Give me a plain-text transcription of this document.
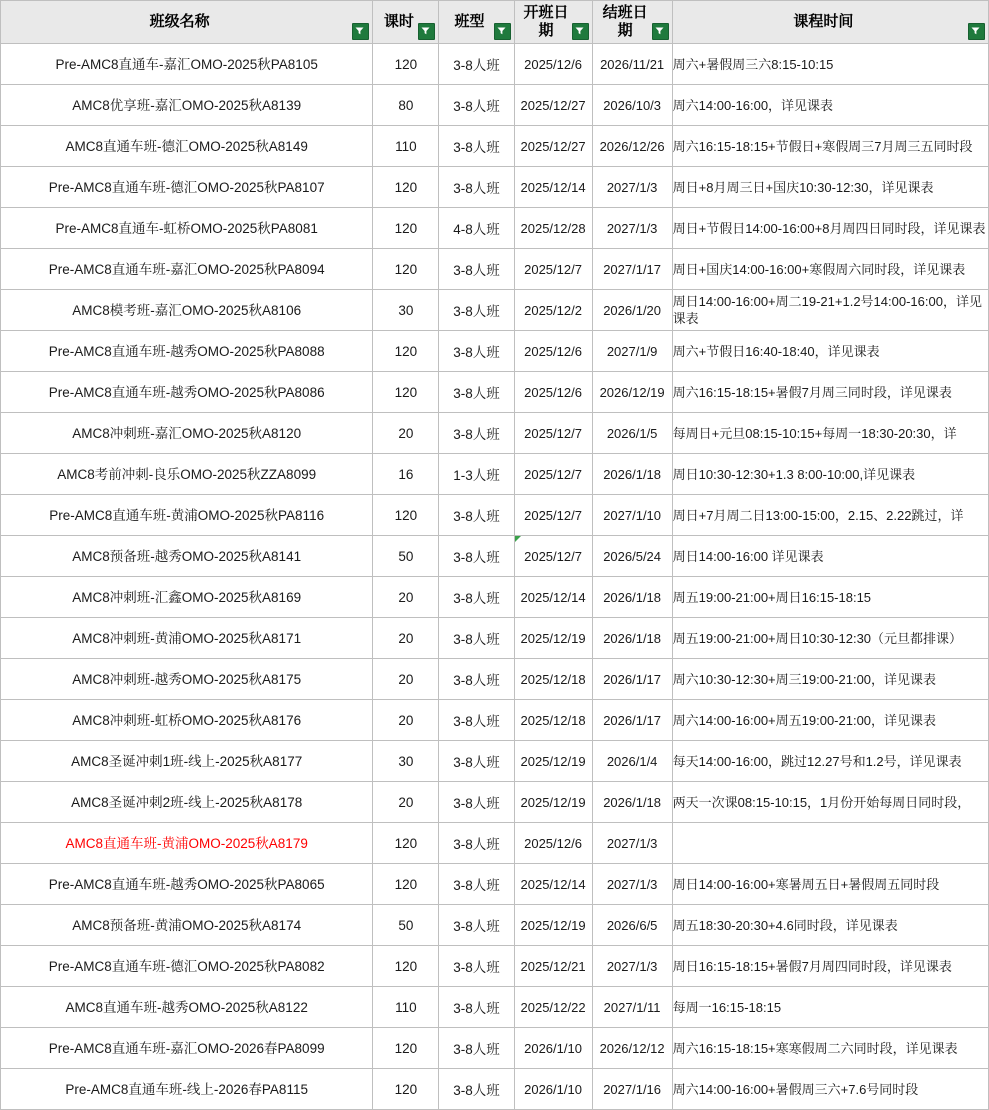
班级名称	课时	班型	开班日期	结班日期	课程时间

Pre-AMC8直通车-嘉汇OMO-2025秋PA8105	120	3-8人班	2025/12/6	2026/11/21	周六+暑假周三六8:15-10:15
AMC8优享班-嘉汇OMO-2025秋A8139	80	3-8人班	2025/12/27	2026/10/3	周六14:00-16:00，详见课表
AMC8直通车班-德汇OMO-2025秋A8149	110	3-8人班	2025/12/27	2026/12/26	周六16:15-18:15+节假日+寒假周三7月周三五同时段
Pre-AMC8直通车班-德汇OMO-2025秋PA8107	120	3-8人班	2025/12/14	2027/1/3	周日+8月周三日+国庆10:30-12:30，详见课表
Pre-AMC8直通车-虹桥OMO-2025秋PA8081	120	4-8人班	2025/12/28	2027/1/3	周日+节假日14:00-16:00+8月周四日同时段，详见课表
Pre-AMC8直通车班-嘉汇OMO-2025秋PA8094	120	3-8人班	2025/12/7	2027/1/17	周日+国庆14:00-16:00+寒假周六同时段，详见课表
AMC8模考班-嘉汇OMO-2025秋A8106	30	3-8人班	2025/12/2	2026/1/20	周日14:00-16:00+周二19-21+1.2号14:00-16:00，详见课表
Pre-AMC8直通车班-越秀OMO-2025秋PA8088	120	3-8人班	2025/12/6	2027/1/9	周六+节假日16:40-18:40，详见课表
Pre-AMC8直通车班-越秀OMO-2025秋PA8086	120	3-8人班	2025/12/6	2026/12/19	周六16:15-18:15+暑假7月周三同时段，详见课表
AMC8冲刺班-嘉汇OMO-2025秋A8120	20	3-8人班	2025/12/7	2026/1/5	每周日+元旦08:15-10:15+每周一18:30-20:30，详
AMC8考前冲刺-良乐OMO-2025秋ZZA8099	16	1-3人班	2025/12/7	2026/1/18	周日10:30-12:30+1.3 8:00-10:00,详见课表
Pre-AMC8直通车班-黄浦OMO-2025秋PA8116	120	3-8人班	2025/12/7	2027/1/10	周日+7月周二日13:00-15:00，2.15、2.22跳过，详
AMC8预备班-越秀OMO-2025秋A8141	50	3-8人班	2025/12/7	2026/5/24	周日14:00-16:00 详见课表
AMC8冲刺班-汇鑫OMO-2025秋A8169	20	3-8人班	2025/12/14	2026/1/18	周五19:00-21:00+周日16:15-18:15
AMC8冲刺班-黄浦OMO-2025秋A8171	20	3-8人班	2025/12/19	2026/1/18	周五19:00-21:00+周日10:30-12:30（元旦都排课）
AMC8冲刺班-越秀OMO-2025秋A8175	20	3-8人班	2025/12/18	2026/1/17	周六10:30-12:30+周三19:00-21:00，详见课表
AMC8冲刺班-虹桥OMO-2025秋A8176	20	3-8人班	2025/12/18	2026/1/17	周六14:00-16:00+周五19:00-21:00，详见课表
AMC8圣诞冲刺1班-线上-2025秋A8177	30	3-8人班	2025/12/19	2026/1/4	每天14:00-16:00，跳过12.27号和1.2号，详见课表
AMC8圣诞冲刺2班-线上-2025秋A8178	20	3-8人班	2025/12/19	2026/1/18	两天一次课08:15-10:15，1月份开始每周日同时段，
AMC8直通车班-黄浦OMO-2025秋A8179	120	3-8人班	2025/12/6	2027/1/3	
Pre-AMC8直通车班-越秀OMO-2025秋PA8065	120	3-8人班	2025/12/14	2027/1/3	周日14:00-16:00+寒暑周五日+暑假周五同时段
AMC8预备班-黄浦OMO-2025秋A8174	50	3-8人班	2025/12/19	2026/6/5	周五18:30-20:30+4.6同时段，详见课表
Pre-AMC8直通车班-德汇OMO-2025秋PA8082	120	3-8人班	2025/12/21	2027/1/3	周日16:15-18:15+暑假7月周四同时段，详见课表
AMC8直通车班-越秀OMO-2025秋A8122	110	3-8人班	2025/12/22	2027/1/11	每周一16:15-18:15
Pre-AMC8直通车班-嘉汇OMO-2026春PA8099	120	3-8人班	2026/1/10	2026/12/12	周六16:15-18:15+寒寒假周二六同时段，详见课表
Pre-AMC8直通车班-线上-2026春PA8115	120	3-8人班	2026/1/10	2027/1/16	周六14:00-16:00+暑假周三六+7.6号同时段
